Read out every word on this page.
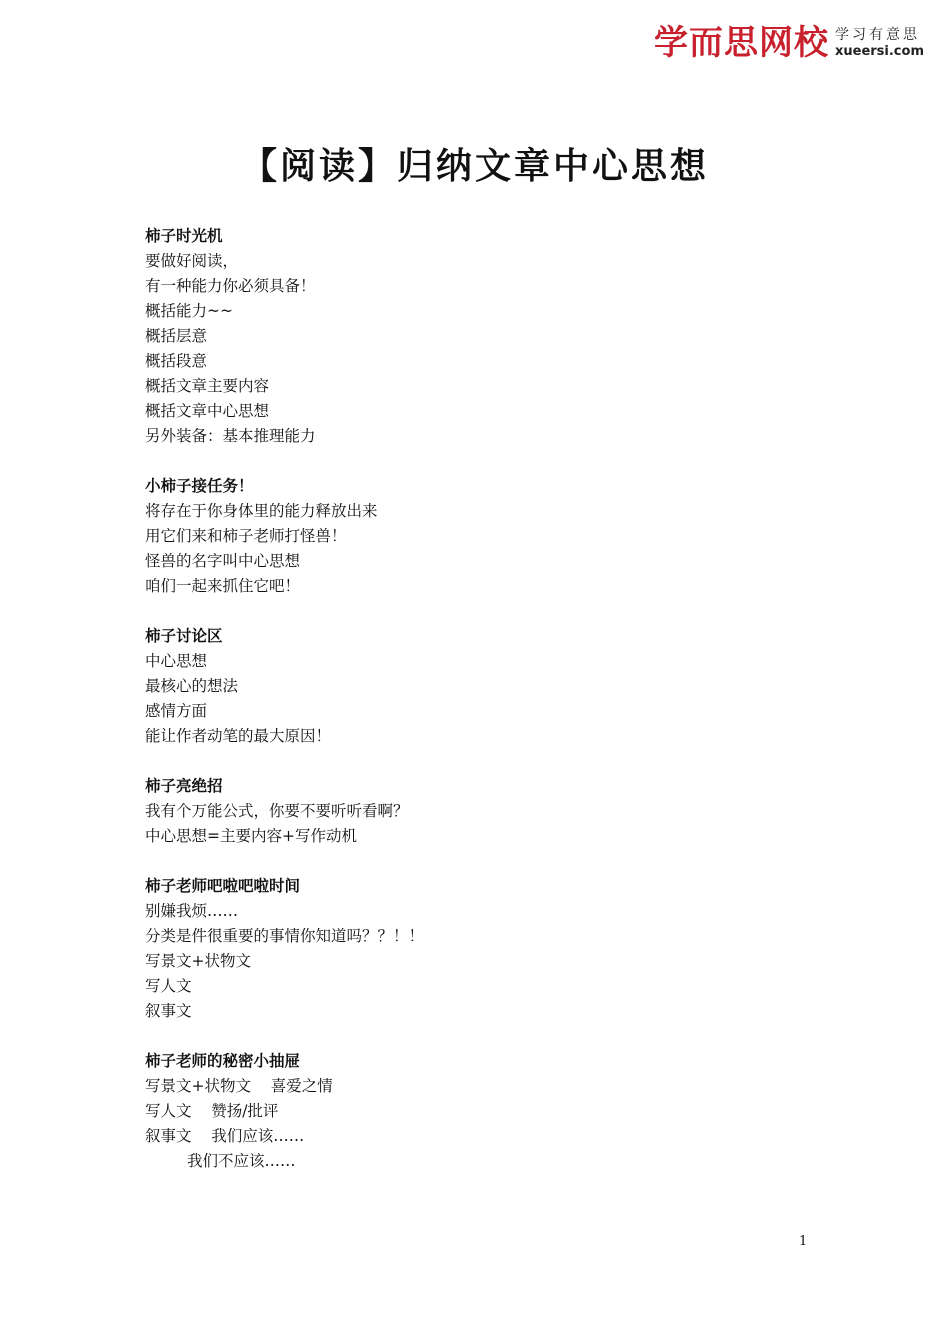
学而思网校 学习有意思
xueersi.com
【阅读】归纳文章中心思想
柿子时光机
要做好阅读，
有一种能力你必须具备！
概括能力~~
概括层意
概括段意
概括文章主要内容
概括文章中心思想
另外装备：基本推理能力
小柿子接任务！
将存在于你身体里的能力释放出来
用它们来和柿子老师打怪兽！
怪兽的名字叫中心思想
咱们一起来抓住它吧！
柿子讨论区
中心思想
最核心的想法
感情方面
能让作者动笔的最大原因！
柿子亮绝招
我有个万能公式，你要不要听听看啊？
中心思想=主要内容+写作动机
柿子老师吧啦吧啦时间
别嫌我烦……
分类是件很重要的事情你知道吗？？！！
写景文+状物文
写人文
叙事文
柿子老师的秘密小抽屉
写景文+状物文    喜爱之情
写人文    赞扬/批评
叙事文    我们应该……
我们不应该……
1
